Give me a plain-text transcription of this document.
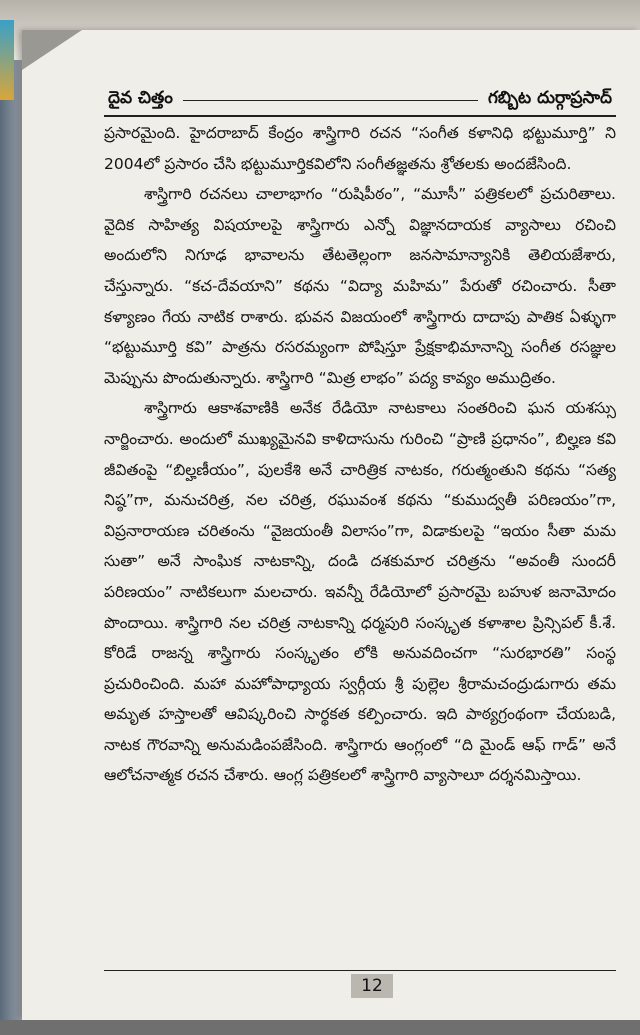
దైవ చిత్తం	గబ్బిట దుర్గాప్రసాద్

ప్రసారమైంది. హైదరాబాద్ కేంద్రం శాస్త్రిగారి రచన “సంగీత కళానిధి భట్టుమూర్తి” ని 2004లో ప్రసారం చేసి భట్టుమూర్తికవిలోని సంగీతజ్ఞతను శ్రోతలకు అందజేసింది.

శాస్త్రిగారి రచనలు చాలాభాగం “రుషిపీఠం”, “మూసీ” పత్రికలలో ప్రచురితాలు. వైదిక సాహిత్య విషయాలపై శాస్త్రిగారు ఎన్నో విజ్ఞానదాయక వ్యాసాలు రచించి అందులోని నిగూఢ భావాలను తేటతెల్లంగా జనసామాన్యానికి తెలియజేశారు, చేస్తున్నారు. “కచ-దేవయాని” కథను “విద్యా మహిమ” పేరుతో రచించారు. సీతా కళ్యాణం గేయ నాటిక రాశారు. భువన విజయంలో శాస్త్రిగారు దాదాపు పాతిక ఏళ్ళుగా “భట్టుమూర్తి కవి” పాత్రను రసరమ్యంగా పోషిస్తూ ప్రేక్షకాభిమానాన్ని సంగీత రసజ్ఞుల మెప్పును పొందుతున్నారు. శాస్త్రిగారి “మిత్ర లాభం” పద్య కావ్యం అముద్రితం.

శాస్త్రిగారు ఆకాశవాణికి అనేక రేడియో నాటకాలు సంతరించి ఘన యశస్సు నార్జించారు. అందులో ముఖ్యమైనవి కాళిదాసును గురించి “ప్రాణి ప్రధానం”, బిల్హణ కవి జీవితంపై “బిల్హణీయం”, పులకేశి అనే చారిత్రిక నాటకం, గరుత్మంతుని కథను “సత్య నిష్ఠ”గా, మనుచరిత్ర, నల చరిత్ర, రఘువంశ కథను “కుముద్వతీ పరిణయం”గా, విప్రనారాయణ చరితంను “వైజయంతీ విలాసం”గా, విడాకులపై “ఇయం సీతా మమ సుతా” అనే సాంఘిక నాటకాన్ని, దండి దశకుమార చరిత్రను “అవంతీ సుందరీ పరిణయం” నాటికలుగా మలచారు. ఇవన్నీ రేడియోలో ప్రసారమై బహుళ జనామోదం పొందాయి. శాస్త్రిగారి నల చరిత్ర నాటకాన్ని ధర్మపురి సంస్కృత కళాశాల ప్రిన్సిపల్ కీ.శే. కోరిడే రాజన్న శాస్త్రిగారు సంస్కృతం లోకి అనువదించగా “సురభారతి” సంస్థ ప్రచురించింది. మహా మహోపాధ్యాయ స్వర్గీయ శ్రీ పుల్లెల శ్రీరామచంద్రుడుగారు తమ అమృత హస్తాలతో ఆవిష్కరించి సార్థకత కల్పించారు. ఇది పాఠ్యగ్రంథంగా చేయబడి, నాటక గౌరవాన్ని అనుమడింపజేసింది. శాస్త్రిగారు ఆంగ్లంలో “ది మైండ్ ఆఫ్ గాడ్” అనే ఆలోచనాత్మక రచన చేశారు. ఆంగ్ల పత్రికలలో శాస్త్రిగారి వ్యాసాలూ దర్శనమిస్తాయి.

12
